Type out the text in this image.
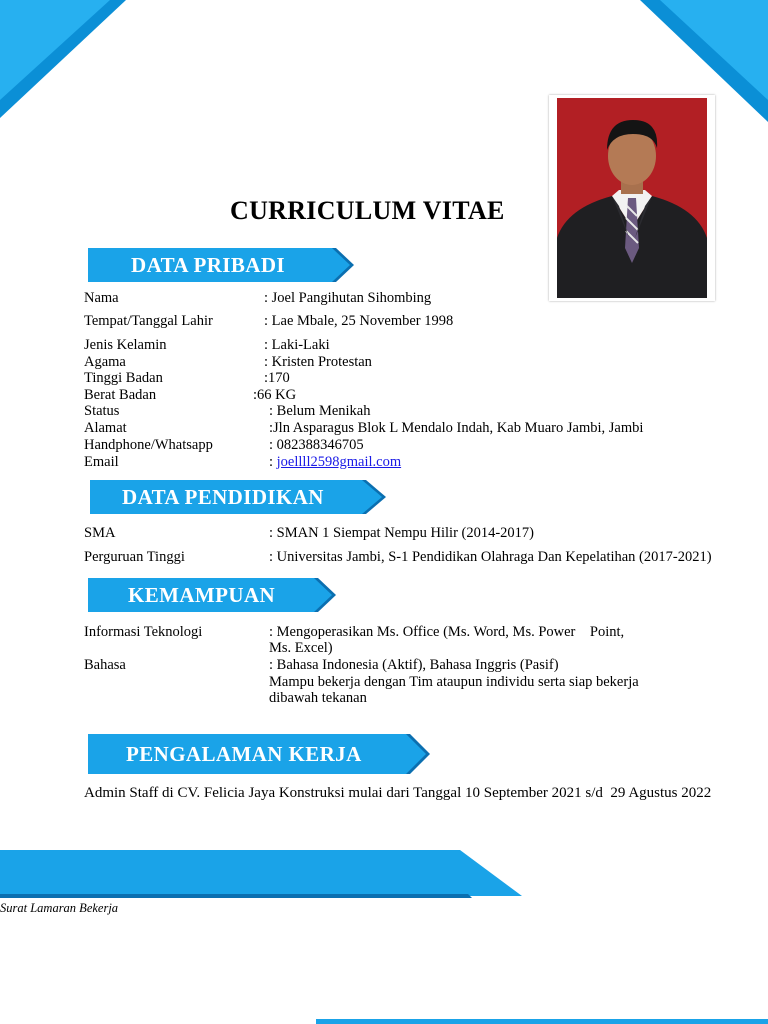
CURRICULUM VITAE
DATA PRIBADI
DATA PENDIDIKAN
KEMAMPUAN
PENGALAMAN KERJA
Nama	: Joel Pangihutan Sihombing
Tempat/Tanggal Lahir	: Lae Mbale, 25 November 1998
Jenis Kelamin	: Laki-Laki
Agama	: Kristen Protestan
Tinggi Badan	:170
Berat Badan	:66 KG
Status	: Belum Menikah
Alamat	:Jln Asparagus Blok L Mendalo Indah, Kab Muaro Jambi, Jambi
Handphone/Whatsapp	: 082388346705
Email	: joellll2598gmail.com
SMA	: SMAN 1 Siempat Nempu Hilir (2014-2017)
Perguruan Tinggi	: Universitas Jambi, S-1 Pendidikan Olahraga Dan Kepelatihan (2017-2021)
Informasi Teknologi	: Mengoperasikan Ms. Office (Ms. Word, Ms. Power    Point,
Ms. Excel)
Bahasa	: Bahasa Indonesia (Aktif), Bahasa Inggris (Pasif)
Mampu bekerja dengan Tim ataupun individu serta siap bekerja
dibawah tekanan
Admin Staff di CV. Felicia Jaya Konstruksi mulai dari Tanggal 10 September 2021 s/d  29 Agustus 2022
Surat Lamaran Bekerja
